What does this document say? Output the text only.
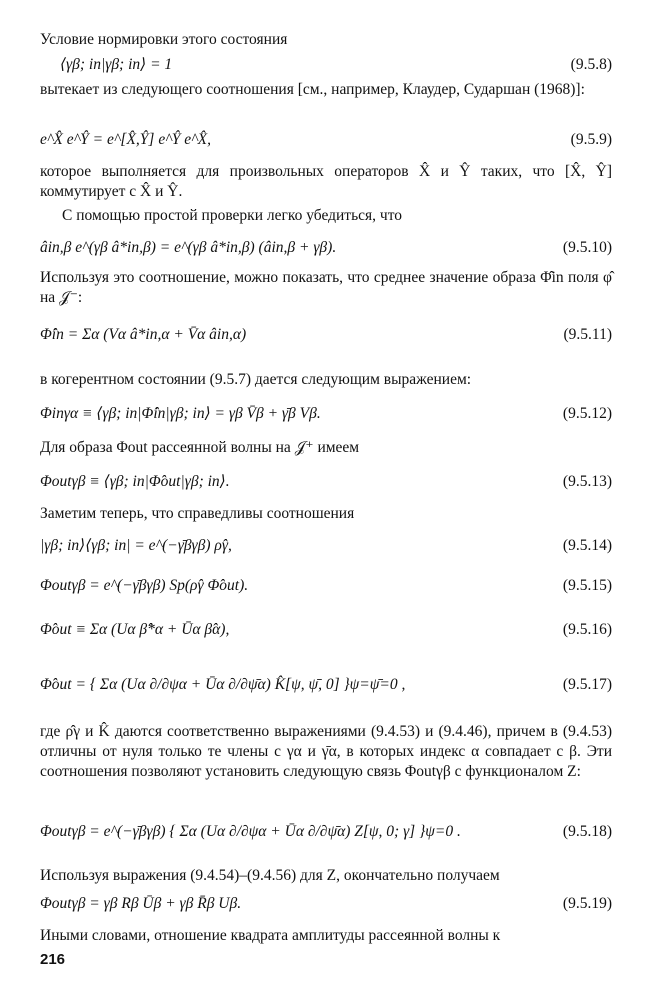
Условие нормировки этого состояния
⟨γβ; in|γβ; in⟩ = 1	(9.5.8)
вытекает из следующего соотношения [см., например, Клаудер, Сударшан (1968)]:
e^X̂ e^Ŷ = e^[X̂,Ŷ] e^Ŷ e^X̂,	(9.5.9)
которое выполняется для произвольных операторов X̂ и Ŷ таких, что [X̂, Ŷ] коммутирует с X̂ и Ŷ.
С помощью простой проверки легко убедиться, что
âin,β e^(γβ â*in,β) = e^(γβ â*in,β) (âin,β + γβ).	(9.5.10)
Используя это соотношение, можно показать, что среднее значение образа Φ̂in поля φ̂ на 𝒥⁻:
Φ̂in = Σα (Vα â*in,α + V̄α âin,α)	(9.5.11)
в когерентном состоянии (9.5.7) дается следующим выражением:
Φinγα ≡ ⟨γβ; in|Φ̂in|γβ; in⟩ = γβ V̄β + γ̄β Vβ.	(9.5.12)
Для образа Φout рассеянной волны на 𝒥⁺ имеем
Φoutγβ ≡ ⟨γβ; in|Φ̂out|γβ; in⟩.	(9.5.13)
Заметим теперь, что справедливы соотношения
|γβ; in⟩⟨γβ; in| = e^(−γ̄βγβ) ρ̂γ,	(9.5.14)
Φoutγβ = e^(−γ̄βγβ) Sp(ρ̂γ Φ̂out).	(9.5.15)
Φ̂out ≡ Σα (Uα β̂*α + Ūα β̂α),	(9.5.16)
Φ̂out = { Σα (Uα ∂/∂ψα + Ūα ∂/∂ψ̄α) K̂[ψ, ψ̄, 0] }ψ=ψ̄=0 ,	(9.5.17)
где ρ̂γ и K̂ даются соответственно выражениями (9.4.53) и (9.4.46), причем в (9.4.53) отличны от нуля только те члены с γα и γ̄α, в которых индекс α совпадает с β. Эти соотношения позволяют установить следующую связь Φoutγβ с функционалом Z:
Φoutγβ = e^(−γ̄βγβ) { Σα (Uα ∂/∂ψα + Ūα ∂/∂ψ̄α) Z[ψ, 0; γ] }ψ=0 .	(9.5.18)
Используя выражения (9.4.54)–(9.4.56) для Z, окончательно получаем
Φoutγβ = γβ Rβ Ūβ + γβ R̄β Uβ.	(9.5.19)
Иными словами, отношение квадрата амплитуды рассеянной волны к
216
